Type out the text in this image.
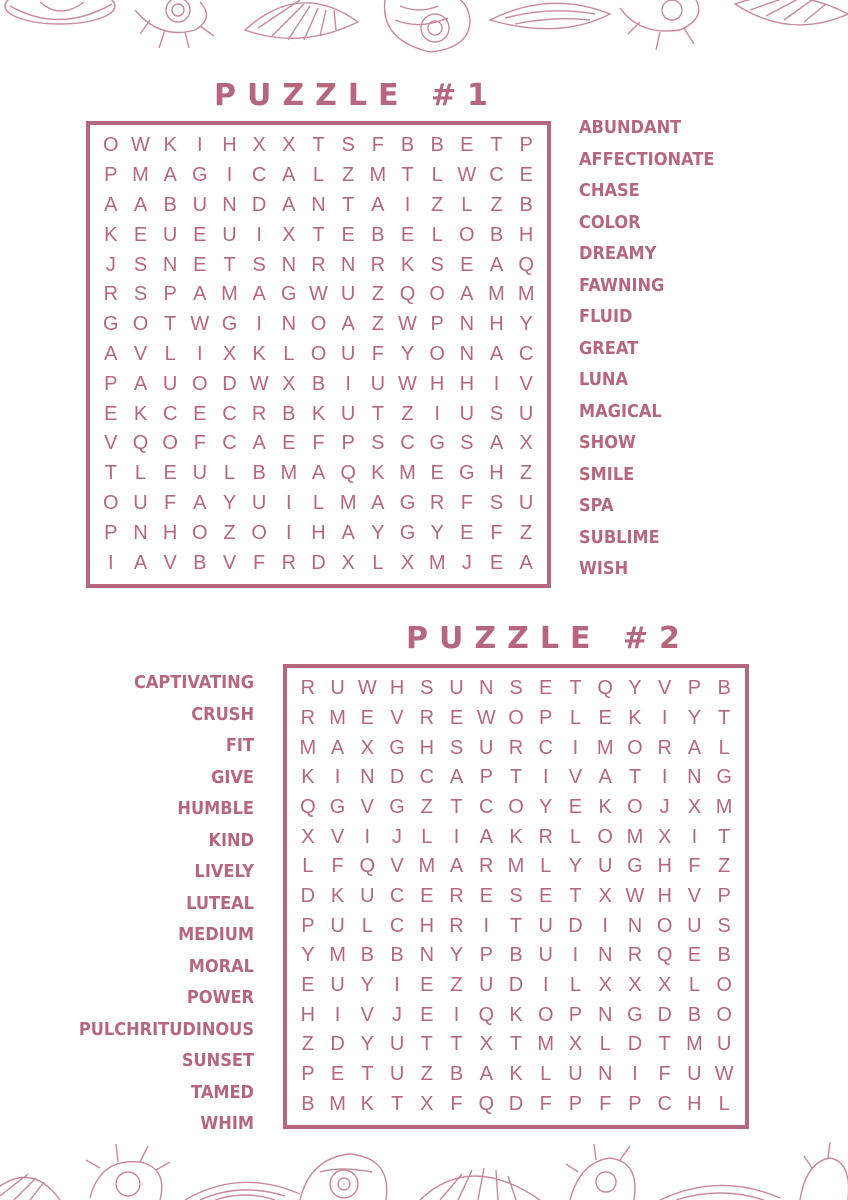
PUZZLE #1
O W K	I H X X T S F B B E T P
P M A G I C A L Z M T L W C E
A A B U N D A N T A	I	Z L Z B
K E U E U I	X T E B E L O B H
J S N E T S N R N R K S E A Q
R S P A M A G W U Z Q O A M M
G O T W G I N O A Z W P N H Y
A V L	I	X K L O U F Y O N A C
P A U O D W X B	I U W H H I	V
E K C E C R B K U T Z	I U S U
V Q O F C A E F P S C G S A X
T L E U L B M A Q K M E G H Z
O U F A Y U I	L M A G R F S U
P N H O Z O I H A Y G Y E F Z
I	A V B V F R D X L X M J E A
ABUNDANT
AFFECTIONATE
CHASE
COLOR
DREAMY
FAWNING
FLUID
GREAT
LUNA
MAGICAL
SHOW
SMILE
SPA
SUBLIME
WISH
PUZZLE #2
R U W H S U N S E T Q Y V P B
R M E V R E W O P L E K	I	Y T
M A X G H S U R C I M O R A L
K	I N D C A P T	I	V A T	I N G
Q G V G Z T C O Y E K O J X M
X V	I	J L	I	A K R L O M X	I	T
L F Q V M A R M L Y U G H F Z
D K U C E R E S E T X W H V P
P U L C H R I	T U D I N O U S
Y M B B N Y P B U I N R Q E B
E U Y	I	E Z U D I	L X X X L O
H I	V J E	I Q K O P N G D B O
Z D Y U T T X T M X L D T M U
P E T U Z B A K L U N I	F U W
B M K T X F Q D F P F P C H L
CAPTIVATING
CRUSH
FIT
GIVE
HUMBLE
KIND
LIVELY
LUTEAL
MEDIUM
MORAL
POWER
PULCHRITUDINOUS
SUNSET
TAMED
WHIM
